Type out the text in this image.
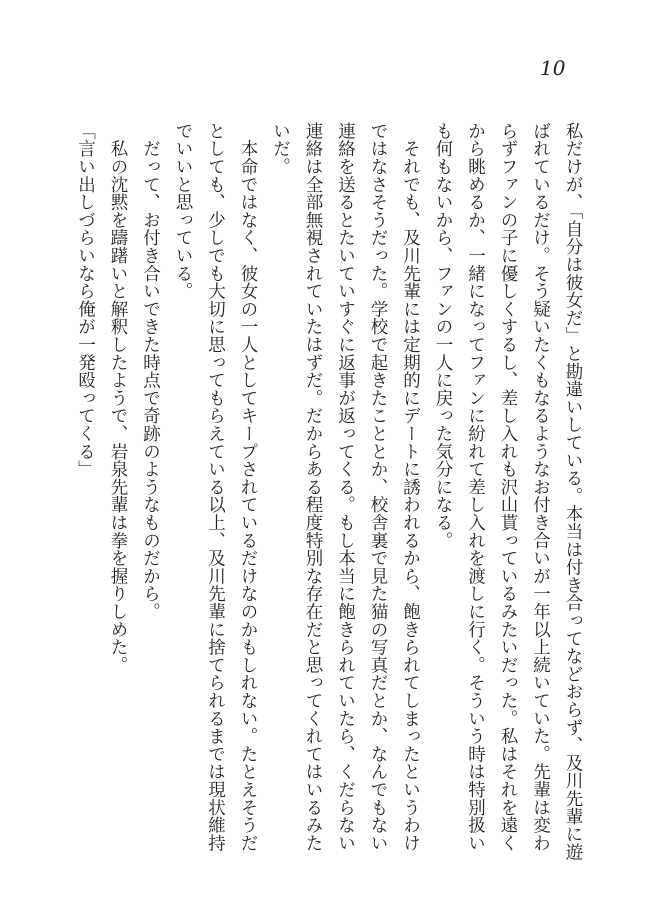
10

私だけが、「自分は彼女だ」と勘違いしている。本当は付き合ってなどおらず、及川先輩に遊ばれているだけ。そう疑いたくもなるようなお付き合いが一年以上続いていた。先輩は変わらずファンの子に優しくするし、差し入れも沢山貰っているみたいだった。私はそれを遠くから眺めるか、一緒になってファンに紛れて差し入れを渡しに行く。そういう時は特別扱いも何もないから、ファンの一人に戻った気分になる。

　それでも、及川先輩には定期的にデートに誘われるから、飽きられてしまったというわけではなさそうだった。学校で起きたこととか、校舎裏で見た猫の写真だとか、なんでもない連絡を送るとたいていすぐに返事が返ってくる。もし本当に飽きられていたら、くだらない連絡は全部無視されていたはずだ。だからある程度特別な存在だと思ってくれてはいるみたいだ。

　本命ではなく、彼女の一人としてキープされているだけなのかもしれない。たとえそうだとしても、少しでも大切に思ってもらえている以上、及川先輩に捨てられるまでは現状維持でいいと思っている。

　だって、お付き合いできた時点で奇跡のようなものだから。

　私の沈黙を躊躇いと解釈したようで、岩泉先輩は拳を握りしめた。

「言い出しづらいなら俺が一発殴ってくる」
